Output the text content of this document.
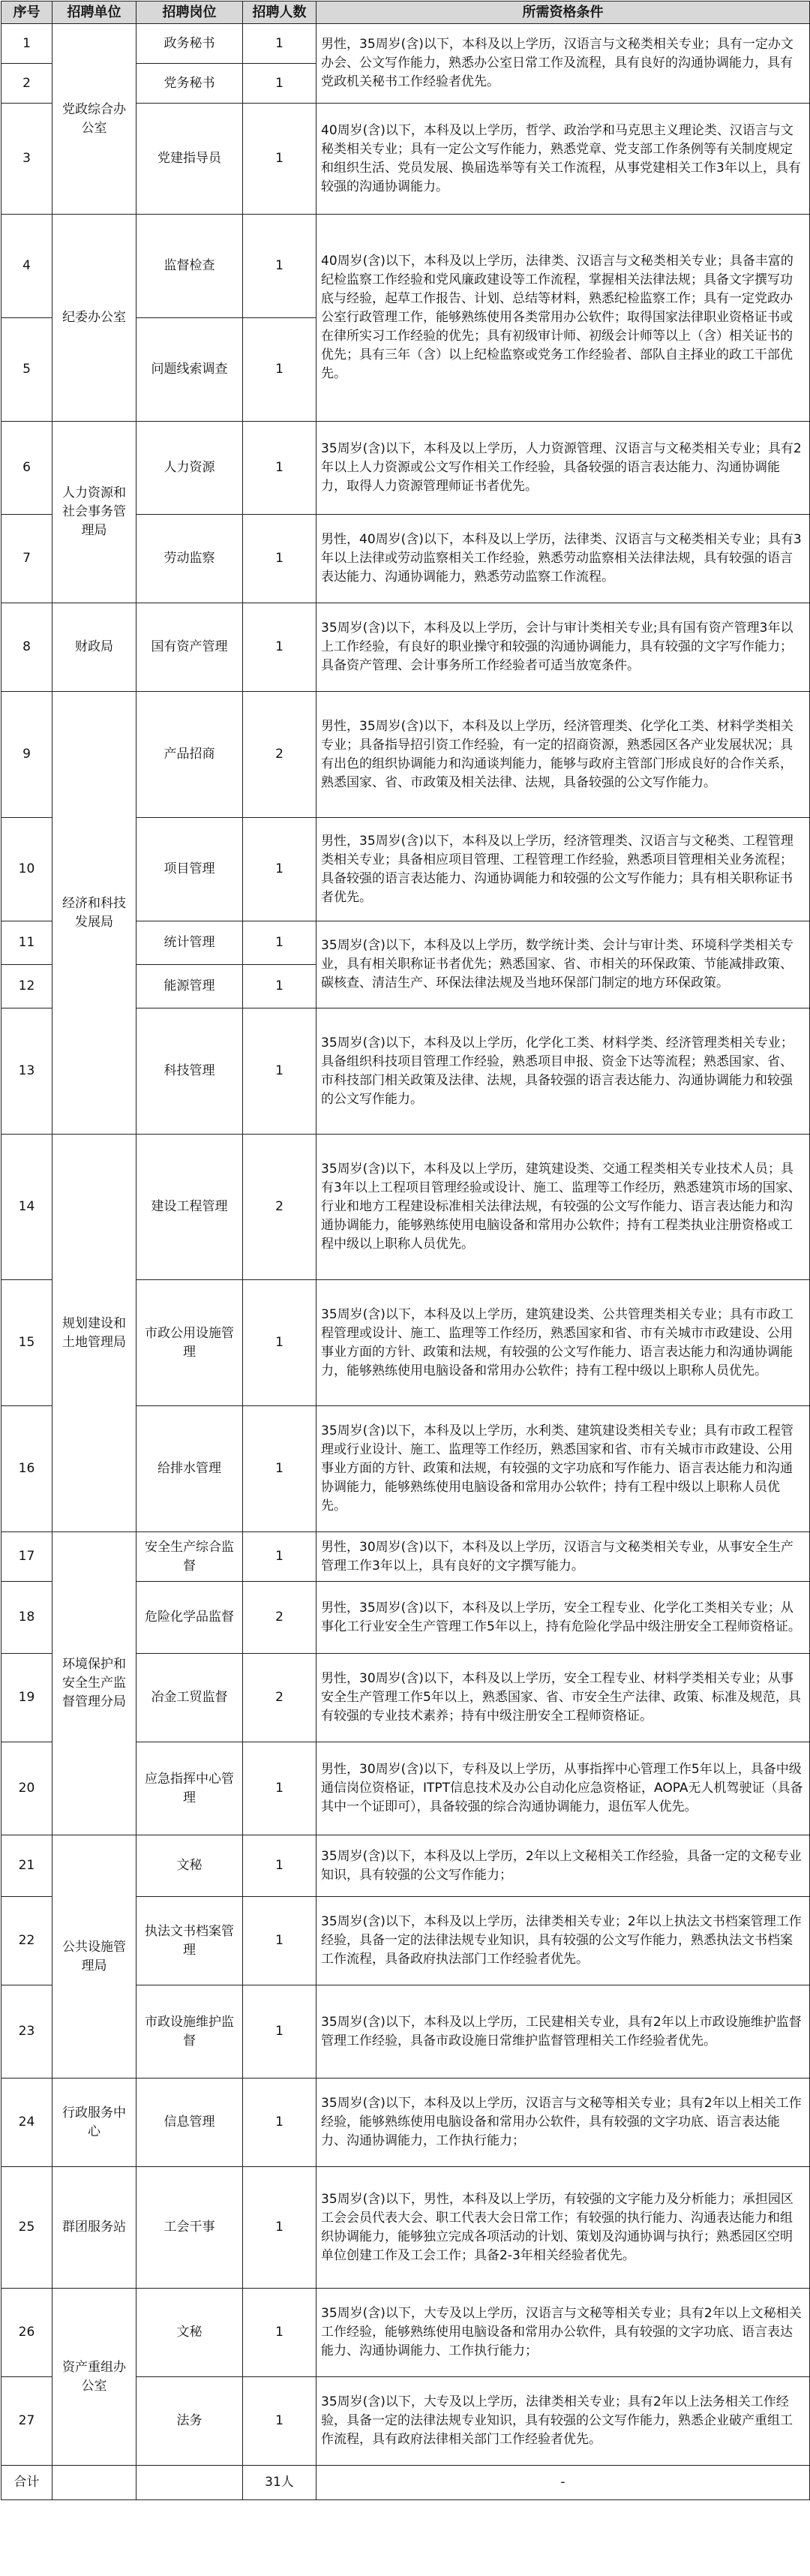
序号	招聘单位	招聘岗位	招聘人数	所需资格条件
1	党政综合办公室	政务秘书	1	男性，35周岁(含)以下，本科及以上学历，汉语言与文秘类相关专业；具有一定办文办会、公文写作能力，熟悉办公室日常工作及流程，具有良好的沟通协调能力，具有党政机关秘书工作经验者优先。
2		党务秘书	1	
3		党建指导员	1	40周岁(含)以下，本科及以上学历，哲学、政治学和马克思主义理论类、汉语言与文秘类相关专业；具有一定公文写作能力，熟悉党章、党支部工作条例等有关制度规定和组织生活、党员发展、换届选举等有关工作流程，从事党建相关工作3年以上，具有较强的沟通协调能力。
4	纪委办公室	监督检查	1	40周岁(含)以下，本科及以上学历，法律类、汉语言与文秘类相关专业；具备丰富的纪检监察工作经验和党风廉政建设等工作流程，掌握相关法律法规；具备文字撰写功底与经验，起草工作报告、计划、总结等材料，熟悉纪检监察工作；具有一定党政办公室行政管理工作，能够熟练使用各类常用办公软件；取得国家法律职业资格证书或在律所实习工作经验的优先；具有初级审计师、初级会计师等以上（含）相关证书的优先；具有三年（含）以上纪检监察或党务工作经验者、部队自主择业的政工干部优先。
5		问题线索调查	1	
6	人力资源和社会事务管理局	人力资源	1	35周岁(含)以下，本科及以上学历，人力资源管理、汉语言与文秘类相关专业；具有2年以上人力资源或公文写作相关工作经验，具备较强的语言表达能力、沟通协调能力，取得人力资源管理师证书者优先。
7		劳动监察	1	男性，40周岁(含)以下，本科及以上学历，法律类、汉语言与文秘类相关专业；具有3年以上法律或劳动监察相关工作经验，熟悉劳动监察相关法律法规，具有较强的语言表达能力、沟通协调能力，熟悉劳动监察工作流程。
8	财政局	国有资产管理	1	35周岁(含)以下，本科及以上学历，会计与审计类相关专业;具有国有资产管理3年以上工作经验，有良好的职业操守和较强的沟通协调能力，具有较强的文字写作能力；具备资产管理、会计事务所工作经验者可适当放宽条件。
9	经济和科技发展局	产品招商	2	男性，35周岁(含)以下，本科及以上学历，经济管理类、化学化工类、材料学类相关专业；具备指导招引资工作经验，有一定的招商资源，熟悉园区各产业发展状况；具有出色的组织协调能力和沟通谈判能力，能够与政府主管部门形成良好的合作关系，熟悉国家、省、市政策及相关法律、法规，具备较强的公文写作能力。
10		项目管理	1	男性，35周岁(含)以下，本科及以上学历，经济管理类、汉语言与文秘类、工程管理类相关专业；具备相应项目管理、工程管理工作经验，熟悉项目管理相关业务流程；具备较强的语言表达能力、沟通协调能力和较强的公文写作能力；具有相关职称证书者优先。
11		统计管理	1	35周岁(含)以下，本科及以上学历，数学统计类、会计与审计类、环境科学类相关专业，具有相关职称证书者优先；熟悉国家、省、市相关的环保政策、节能减排政策、碳核查、清洁生产、环保法律法规及当地环保部门制定的地方环保政策。
12		能源管理	1	
13		科技管理	1	35周岁(含)以下，本科及以上学历，化学化工类、材料学类、经济管理类相关专业；具备组织科技项目管理工作经验，熟悉项目申报、资金下达等流程；熟悉国家、省、市科技部门相关政策及法律、法规，具备较强的语言表达能力、沟通协调能力和较强的公文写作能力。
14	规划建设和土地管理局	建设工程管理	2	35周岁(含)以下，本科及以上学历，建筑建设类、交通工程类相关专业技术人员；具有3年以上工程项目管理经验或设计、施工、监理等工作经历，熟悉建筑市场的国家、行业和地方工程建设标准相关法律法规，有较强的公文写作能力、语言表达能力和沟通协调能力，能够熟练使用电脑设备和常用办公软件；持有工程类执业注册资格或工程中级以上职称人员优先。
15		市政公用设施管理	1	35周岁(含)以下，本科及以上学历，建筑建设类、公共管理类相关专业；具有市政工程管理或设计、施工、监理等工作经历，熟悉国家和省、市有关城市市政建设、公用事业方面的方针、政策和法规，有较强的公文写作能力、语言表达能力和沟通协调能力，能够熟练使用电脑设备和常用办公软件；持有工程中级以上职称人员优先。
16		给排水管理	1	35周岁(含)以下，本科及以上学历，水利类、建筑建设类相关专业；具有市政工程管理或行业设计、施工、监理等工作经历，熟悉国家和省、市有关城市市政建设、公用事业方面的方针、政策和法规，有较强的文字功底和写作能力、语言表达能力和沟通协调能力，能够熟练使用电脑设备和常用办公软件；持有工程中级以上职称人员优先。
17	环境保护和安全生产监督管理分局	安全生产综合监督	1	男性，30周岁(含)以下，本科及以上学历，汉语言与文秘类相关专业，从事安全生产管理工作3年以上，具有良好的文字撰写能力。
18		危险化学品监督	2	男性，35周岁(含)以下，本科及以上学历，安全工程专业、化学化工类相关专业；从事化工行业安全生产管理工作5年以上，持有危险化学品中级注册安全工程师资格证。
19		冶金工贸监督	2	男性，30周岁(含)以下，本科及以上学历，安全工程专业、材料学类相关专业；从事安全生产管理工作5年以上，熟悉国家、省、市安全生产法律、政策、标准及规范，具有较强的专业技术素养；持有中级注册安全工程师资格证。
20		应急指挥中心管理	1	男性，30周岁(含)以下，专科及以上学历，从事指挥中心管理工作5年以上，具备中级通信岗位资格证，ITPT信息技术及办公自动化应急资格证，AOPA无人机驾驶证（具备其中一个证即可），具备较强的综合沟通协调能力，退伍军人优先。
21	公共设施管理局	文秘	1	35周岁(含)以下，本科及以上学历，2年以上文秘相关工作经验，具备一定的文秘专业知识，具有较强的公文写作能力；
22		执法文书档案管理	1	35周岁(含)以下，本科及以上学历，法律类相关专业；2年以上执法文书档案管理工作经验，具备一定的法律法规专业知识，具有较强的公文写作能力，熟悉执法文书档案工作流程，具备政府执法部门工作经验者优先。
23		市政设施维护监督	1	35周岁(含)以下，本科及以上学历，工民建相关专业，具有2年以上市政设施维护监督管理工作经验，具备市政设施日常维护监督管理相关工作经验者优先。
24	行政服务中心	信息管理	1	35周岁(含)以下，本科及以上学历，汉语言与文秘等相关专业；具有2年以上相关工作经验，能够熟练使用电脑设备和常用办公软件，具有较强的文字功底、语言表达能力、沟通协调能力，工作执行能力；
25	群团服务站	工会干事	1	35周岁(含)以下，男性，本科及以上学历，有较强的文字能力及分析能力；承担园区工会会员代表大会、职工代表大会日常工作；有较强的执行能力、沟通表达能力和组织协调能力，能够独立完成各项活动的计划、策划及沟通协调与执行；熟悉园区空明单位创建工作及工会工作；具备2-3年相关经验者优先。
26	资产重组办公室	文秘	1	35周岁(含)以下，大专及以上学历，汉语言与文秘等相关专业；具有2年以上文秘相关工作经验，能够熟练使用电脑设备和常用办公软件，具有较强的文字功底、语言表达能力、沟通协调能力、工作执行能力；
27		法务	1	35周岁(含)以下，大专及以上学历，法律类相关专业；具有2年以上法务相关工作经验，具备一定的法律法规专业知识，具有较强的公文写作能力，熟悉企业破产重组工作流程，具有政府法律相关部门工作经验者优先。
合计			31人	-
